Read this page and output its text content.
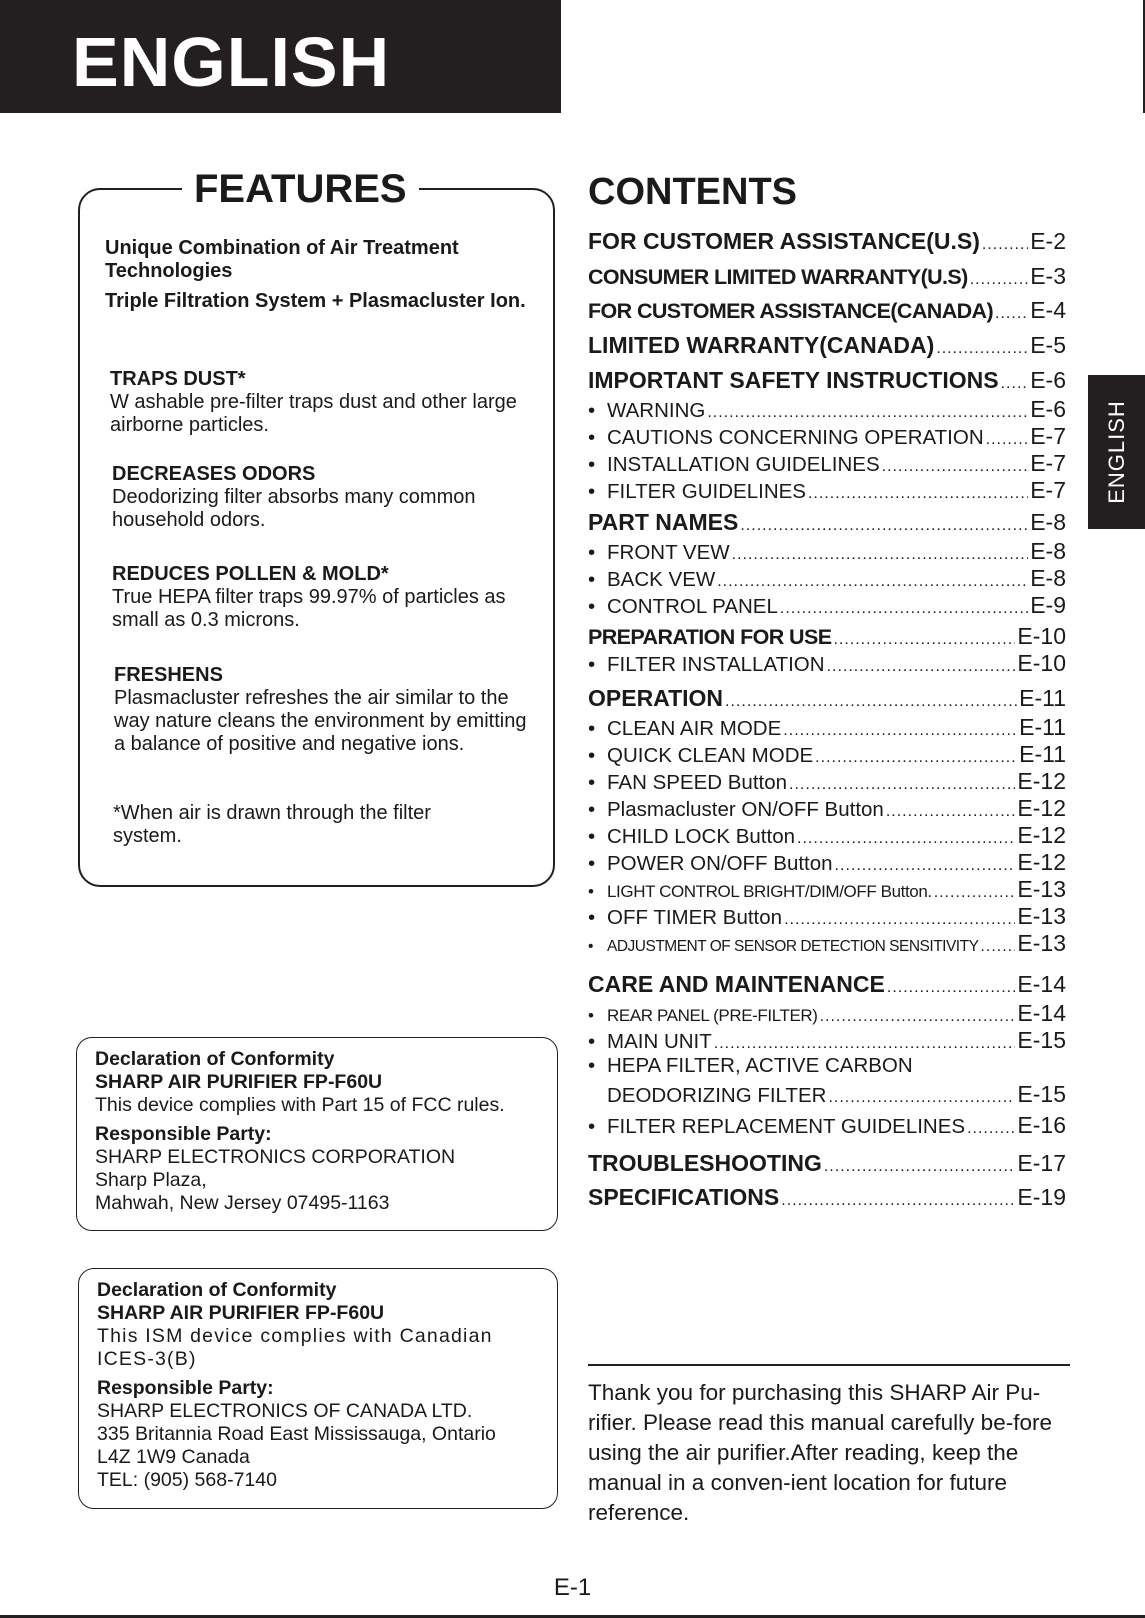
ENGLISH
ENGLISH
FEATURES

Unique Combination of Air Treatment Technologies

Triple Filtration System + Plasmacluster Ion.

TRAPS DUST*

W ashable pre-filter traps dust and other large airborne particles.

DECREASES ODORS

Deodorizing filter absorbs many common household odors.

REDUCES POLLEN & MOLD*

True HEPA filter traps 99.97% of particles as small as 0.3 microns.

FRESHENS

Plasmacluster refreshes the air similar to the way nature cleans the environment by emitting a balance of positive and negative ions.

*When air is drawn through the filter system.

Declaration of Conformity

SHARP AIR PURIFIER FP-F60U

This device complies with Part 15 of FCC rules.

Responsible Party:

SHARP ELECTRONICS CORPORATION

Sharp Plaza,

Mahwah, New Jersey 07495-1163

Declaration of Conformity

SHARP AIR PURIFIER FP-F60U

This ISM device complies with Canadian ICES-3(B)

Responsible Party:

SHARP ELECTRONICS OF CANADA LTD.

335 Britannia Road East Mississauga, Ontario

L4Z 1W9 Canada

TEL: (905) 568-7140

CONTENTS
FOR CUSTOMER ASSISTANCE(U.S) ..... E-2
CONSUMER LIMITED WARRANTY(U.S) .....	E-3
FOR CUSTOMER ASSISTANCE(CANADA) ..... E-4
LIMITED WARRANTY(CANADA) .....	E-5
IMPORTANT SAFETY INSTRUCTIONS ..... E-6
• WARNING .....	E-6
• CAUTIONS CONCERNING OPERATION ..... E-7
• INSTALLATION GUIDELINES .....	E-7
• FILTER GUIDELINES .....	E-7
PART NAMES .....	E-8
• FRONT VEW .....	E-8
• BACK VEW .....	E-8
• CONTROL PANEL .....	E-9
PREPARATION FOR USE .....	E-10
• FILTER INSTALLATION .....	E-10
OPERATION .....	E-11
• CLEAN AIR MODE .....	E-11
• QUICK CLEAN MODE .....	E-11
• FAN SPEED Button .....	E-12
• Plasmacluster ON/OFF Button .....	E-12
• CHILD LOCK Button .....	E-12
• POWER ON/OFF Button .....	E-12
• LIGHT CONTROL BRIGHT/DIM/OFF Button. .....	E-13
• OFF TIMER Button .....	E-13
• ADJUSTMENT OF SENSOR DETECTION SENSITIVITY ..... E-13
CARE AND MAINTENANCE .....	E-14
• REAR PANEL (PRE-FILTER) .....	E-14
• MAIN UNIT .....	E-15
• HEPA FILTER, ACTIVE CARBON
DEODORIZING FILTER .....	E-15
• FILTER REPLACEMENT GUIDELINES ..... E-16
TROUBLESHOOTING .....	E-17
SPECIFICATIONS .....	E-19
Thank you for purchasing this SHARP Air Pu-rifier. Please read this manual carefully be-fore using the air purifier.After reading, keep the manual in a conven-ient location for future reference.
E-1
